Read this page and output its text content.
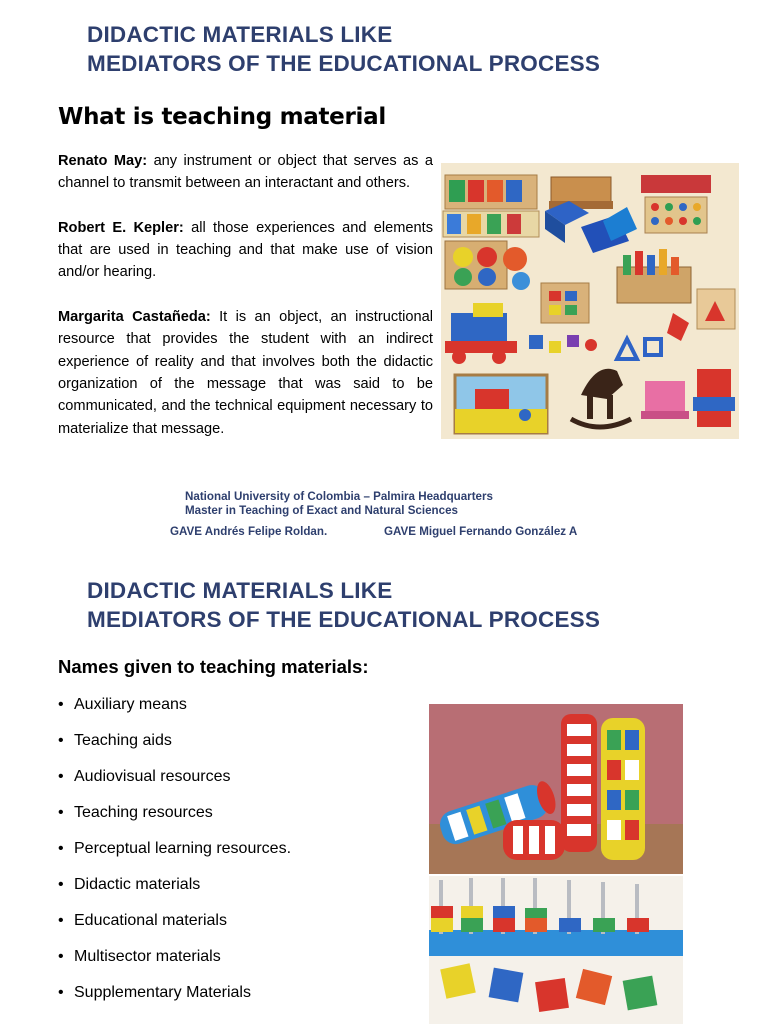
DIDACTIC MATERIALS LIKE
MEDIATORS OF THE EDUCATIONAL PROCESS
What is teaching material

Renato May: any instrument or object that serves as a channel to transmit between an interactant and others.

Robert E. Kepler: all those experiences and elements that are used in teaching and that make use of vision and/or hearing.

Margarita Castañeda: It is an object, an instructional resource that provides the student with an indirect experience of reality and that involves both the didactic organization of the message that was said to be communicated, and the technical equipment necessary to materialize that message.

National University of Colombia – Palmira Headquarters
Master in Teaching of Exact and Natural Sciences
GAVE Andrés Felipe Roldan.	GAVE Miguel Fernando González A
DIDACTIC MATERIALS LIKE
MEDIATORS OF THE EDUCATIONAL PROCESS
Names given to teaching materials:
• Auxiliary means
• Teaching aids
• Audiovisual resources
• Teaching resources
• Perceptual learning resources.
• Didactic materials
• Educational materials
• Multisector materials
• Supplementary Materials
